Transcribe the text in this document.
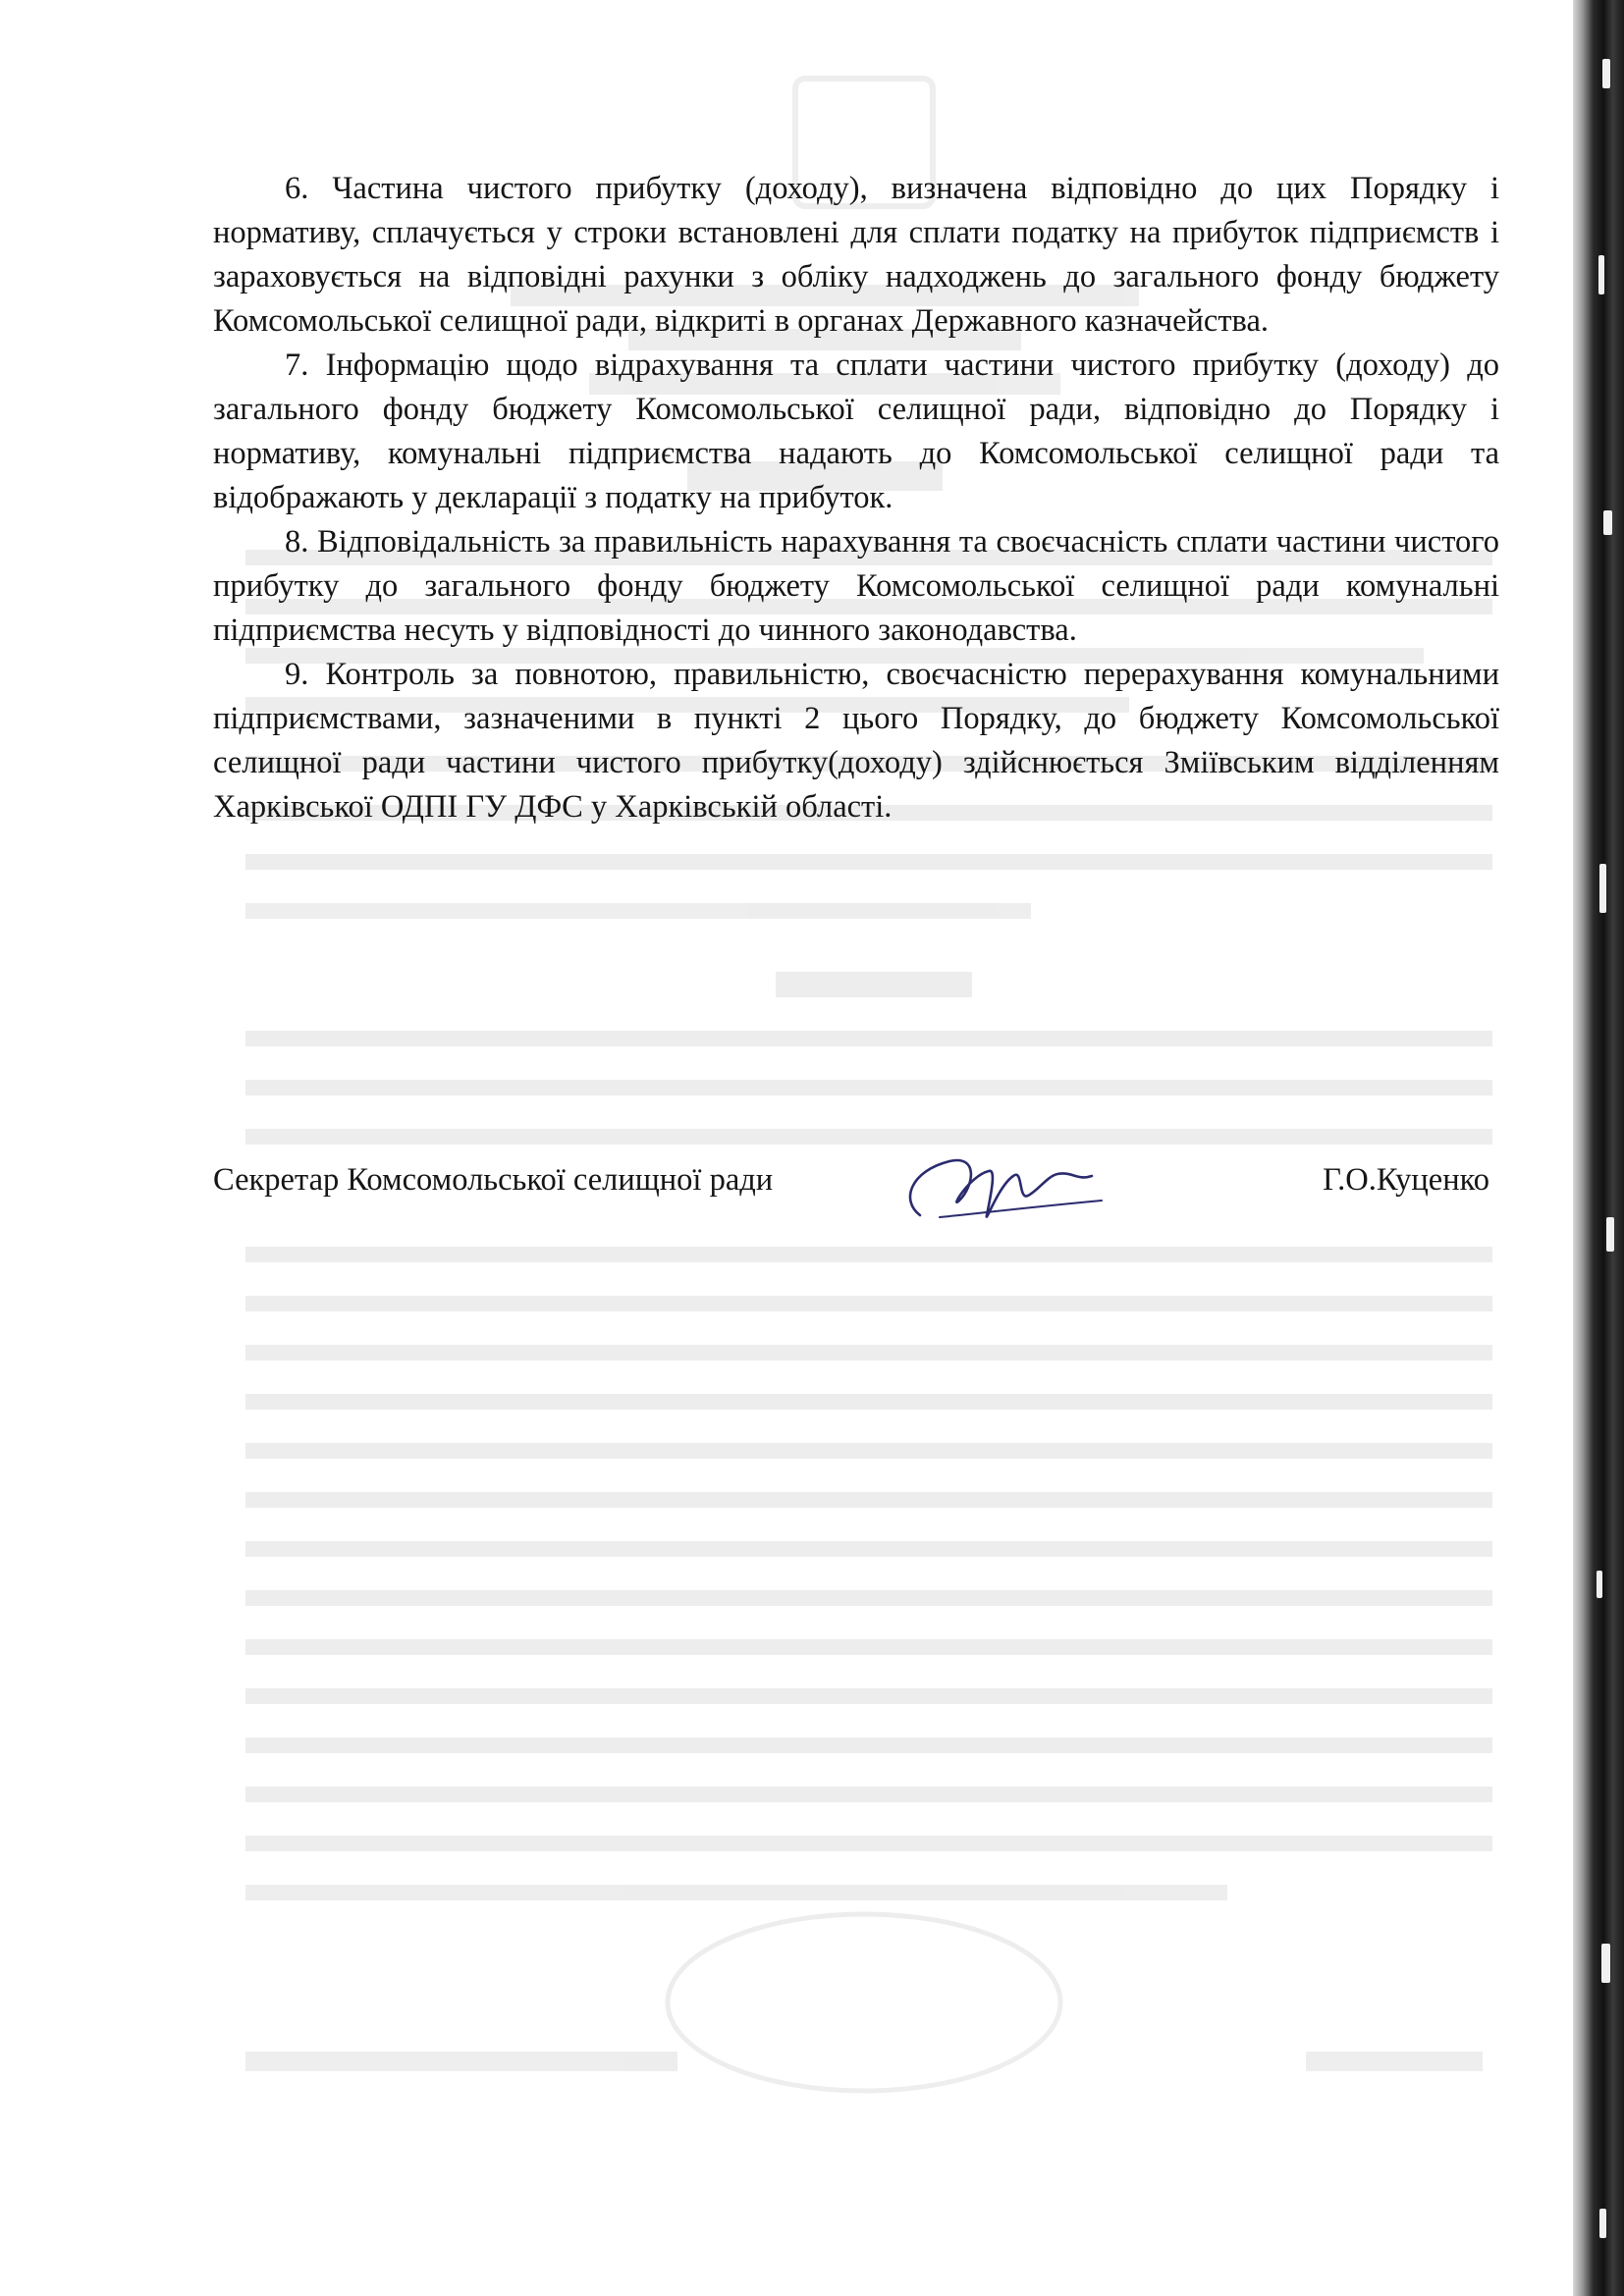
6. Частина чистого прибутку (доходу), визначена відповідно до цих Порядку і нормативу, сплачується у строки встановлені для сплати податку на прибуток підприємств і зараховується на відповідні рахунки з обліку надходжень до загального фонду бюджету Комсомольської селищної ради, відкриті в органах Державного казначейства.

7. Інформацію щодо відрахування та сплати частини чистого прибутку (доходу) до загального фонду бюджету Комсомольської селищної ради, відповідно до Порядку і нормативу, комунальні підприємства надають до Комсомольської селищної ради та відображають у декларації з податку на прибуток.

8. Відповідальність за правильність нарахування та своєчасність сплати частини чистого прибутку до загального фонду бюджету Комсомольської селищної ради комунальні підприємства несуть у відповідності до чинного законодавства.

9. Контроль за повнотою, правильністю, своєчасністю перерахування комунальними підприємствами, зазначеними в пункті 2 цього Порядку, до бюджету Комсомольської селищної ради частини чистого прибутку(доходу) здійснюється Зміївським відділенням Харківської ОДПІ ГУ ДФС у Харківській області.

Секретар Комсомольської селищної ради	Г.О.Куценко
